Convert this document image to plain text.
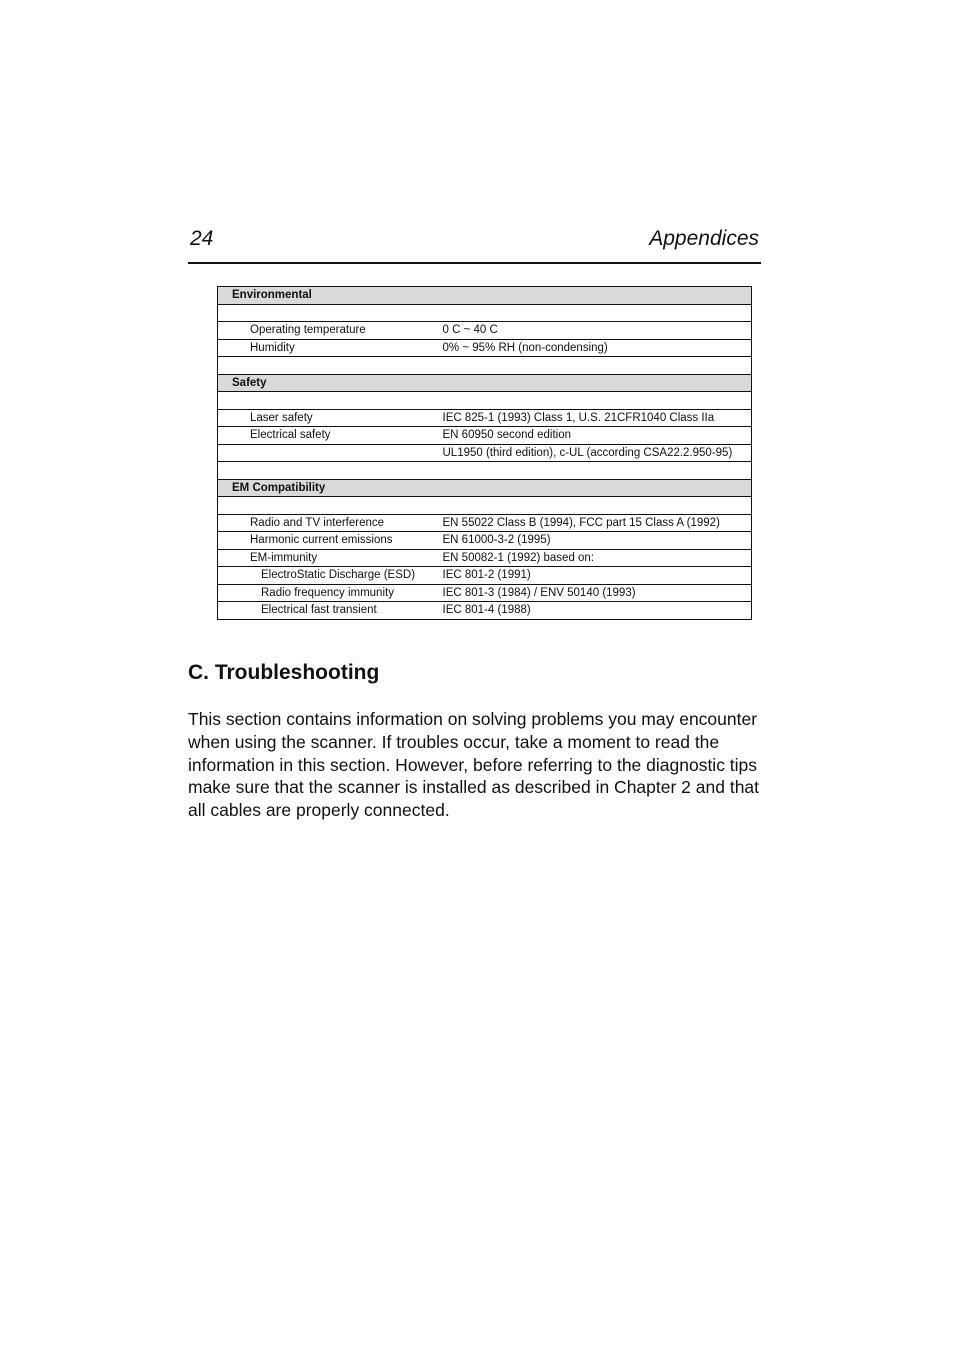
24	Appendices
Environmental	

Operating temperature	0 C ~ 40 C
Humidity	0% ~ 95% RH (non-condensing)

Safety	

Laser safety	IEC 825-1 (1993) Class 1, U.S. 21CFR1040 Class IIa
Electrical safety	EN 60950 second edition
	UL1950 (third edition), c-UL (according CSA22.2.950-95)

EM Compatibility	

Radio and TV interference	EN 55022 Class B (1994), FCC part 15 Class A (1992)
Harmonic current emissions	EN 61000-3-2 (1995)
EM-immunity	EN 50082-1 (1992) based on:
ElectroStatic Discharge (ESD)	IEC 801-2 (1991)
Radio frequency immunity	IEC 801-3 (1984) / ENV 50140 (1993)
Electrical fast transient	IEC 801-4 (1988)
C. Troubleshooting

This section contains information on solving problems you may encounter when using the scanner. If troubles occur, take a moment to read the information in this section. However, before referring to the diagnostic tips make sure that the scanner is installed as described in Chapter 2 and that all cables are properly connected.
